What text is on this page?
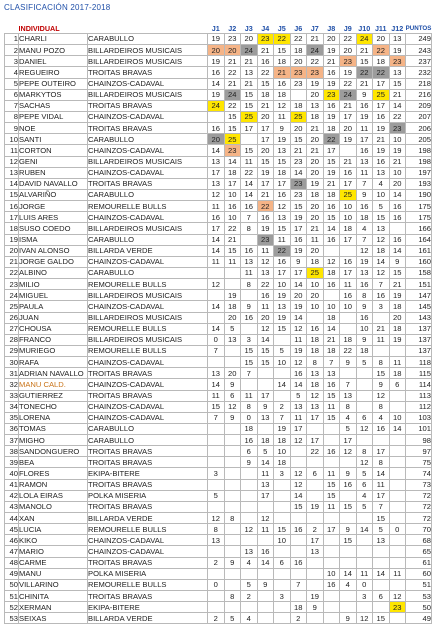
CLASIFICACIÓN 2017-2018
	INDIVIDUAL		J1	J2	J3	J4	J5	J6	J7	J8	J9	J10	J11	J12	PUNTOS
1	CHARLI	CARABULLO	19	23	20	23	22	22	21	20	22	24	20	13	249
2	MANU POZO	BILLARDEIROS MUSICAIS	20	20	24	21	15	18	24	19	20	21	22	19	243
3	DANIEL	BILLARDEIROS MUSICAIS	19	21	21	16	18	20	22	21	23	15	18	23	237
4	REGUEIRO	TROITAS BRAVAS	16	22	13	22	21	23	23	16	19	22	22	13	232
5	PEPE OUTEIRO	CHAINZOS-CADAVAL	14	21	21	15	16	23	19	19	22	21	17	15	218
6	MARKYTOS	BILLARDEIROS MUSICAIS	19	24	15	18	18		20	23	24	9	25	21	216
7	SACHAS	TROITAS BRAVAS	24	22	15	21	12	18	13	16	21	16	17	14	209
8	PEPE VIDAL	CHAINZOS-CADAVAL		15	25	20	11	25	18	19	17	19	16	22	207
9	NOE	TROITAS BRAVAS	16	15	17	17	9	20	21	18	20	11	19	23	206
10	SANTI	CARABULLO	20	25		17	19	15	20	22	19	17	21	10	205
11	CORTON	CHAINZOS-CADAVAL	14	23	15	20	13	21	21	17		16	19	19	198
12	GENI	BILLARDEIROS MUSICAIS	13	14	11	15	15	23	20	15	21	13	16	21	198
13	RUBEN	CHAINZOS-CADAVAL	17	18	22	19	18	14	20	19	16	11	13	10	197
14	DAVID NAVALLO	TROITAS BRAVAS	13	17	14	17	17	23	19	21	17	7	4	20	193
15	ALVARIÑO	CARABULLO	12	10	14	21	16	23	18	18	25	9	10	14	190
16	JORGE	REMOURELLE BULLS	11	16	16	22	12	15	20	16	10	16	5	16	175
17	LUIS ARES	CHAINZOS-CADAVAL	16	10	7	16	13	19	20	15	10	18	15	16	175
18	SUSO COEDO	BILLARDEIROS MUSICAIS	17	22	8	19	15	17	21	14	18	4	13		166
19	ISMA	CARABULLO	14	21		23	11	16	11	16	17	7	12	16	164
20	IVAN ALONSO	BILLARDA VERDE	14	15	16	11	22	19	20			12	18	14	161
21	JORGE GALDO	CHAINZOS-CADAVAL	11	11	13	12	16	9	18	12	16	19	14	9	160
22	ALBINO	CARABULLO			11	13	17	17	25	18	17	13	12	15	158
23	MILIO	REMOURELLE BULLS	12		8	22	10	14	10	16	11	16	7	21	151
24	MIGUEL	BILLARDEIROS MUSICAIS		19		16	19	20	20		16	8	16	19	147
25	PAULA	CHAINZOS-CADAVAL	14	18	9	11	13	19	10	10	10	9	3	18	145
26	JUAN	BILLARDEIROS MUSICAIS		20	16	20	19	14		18		16		20	143
27	CHOUSA	REMOURELLE BULLS	14	5		12	15	12	16	14		10	21	18	137
28	FRANCO	BILLARDEIROS MUSICAIS	0	13	3	14		11	18	21	18	9	11	19	137
29	MURIEGO	REMOURELLE BULLS	7		15	15	5	19	18	18	22	18			137
30	RAFA	CHAINZOS-CADAVAL			15	15	10	12	8	7	9	5	8	11	118
31	ADRIAN NAVALLO	TROITAS BRAVAS	13	20	7			16	13	13			15	18	115
32	MANU CALD.	CHAINZOS-CADAVAL	14	9			14	14	18	16	7		9	6	114
33	GUTIERREZ	TROITAS BRAVAS	11	6	11	17		5	12	15	13		12		113
34	TONECHO	CHAINZOS-CADAVAL	15	12	8	9	2	13	13	11	8		8		112
35	LORENA	CHAINZOS-CADAVAL	7	9	0	13	7	11	17	15	4	6	4	10	103
36	TOMAS	CARABULLO			18		19	17			5	12	16	14	101
37	MIGHO	CARABULLO			16	18	18	12	17		17				98
38	SANDONGUERO	TROITAS BRAVAS			6	5	10		22	16	12	8	17		97
39	BEA	TROITAS BRAVAS			9	14	18					12	8		75
40	FLORES	EKIPA-BITERE	3			11	3	12	6	11	9	5	14		74
41	RAMON	TROITAS BRAVAS				13		12		15	16	6	11		73
42	LOLA EIRAS	POLKA MISERIA	5			17		14		15		4	17		72
43	MANOLO	TROITAS BRAVAS						15	19	11	15	5	7		72
44	XAN	BILLARDA VERDE	12	8		12							15		72
45	LUCIA	REMOURELLE BULLS	8		12	11	15	16	2	17	9	14	5	0	70
46	KIKO	CHAINZOS-CADAVAL	13				10		17		15		13		68
47	MARIO	CHAINZOS-CADAVAL			13	16			13						65
48	CARME	TROITAS BRAVAS	2	9	4	14	6	16							61
49	MANU	POLKA MISERIA								10	14	11	14	11	60
50	VILLARINO	REMOURELLE BULLS	0		5	9		7		16	4	0			51
51	CHINITA	TROITAS BRAVAS		8	2		3		19			3	6	12	53
52	XERMAN	EKIPA-BITERE						18	9					23	50
53	SEIXAS	BILLARDA VERDE	2	5	4			2			9	12	15		49
